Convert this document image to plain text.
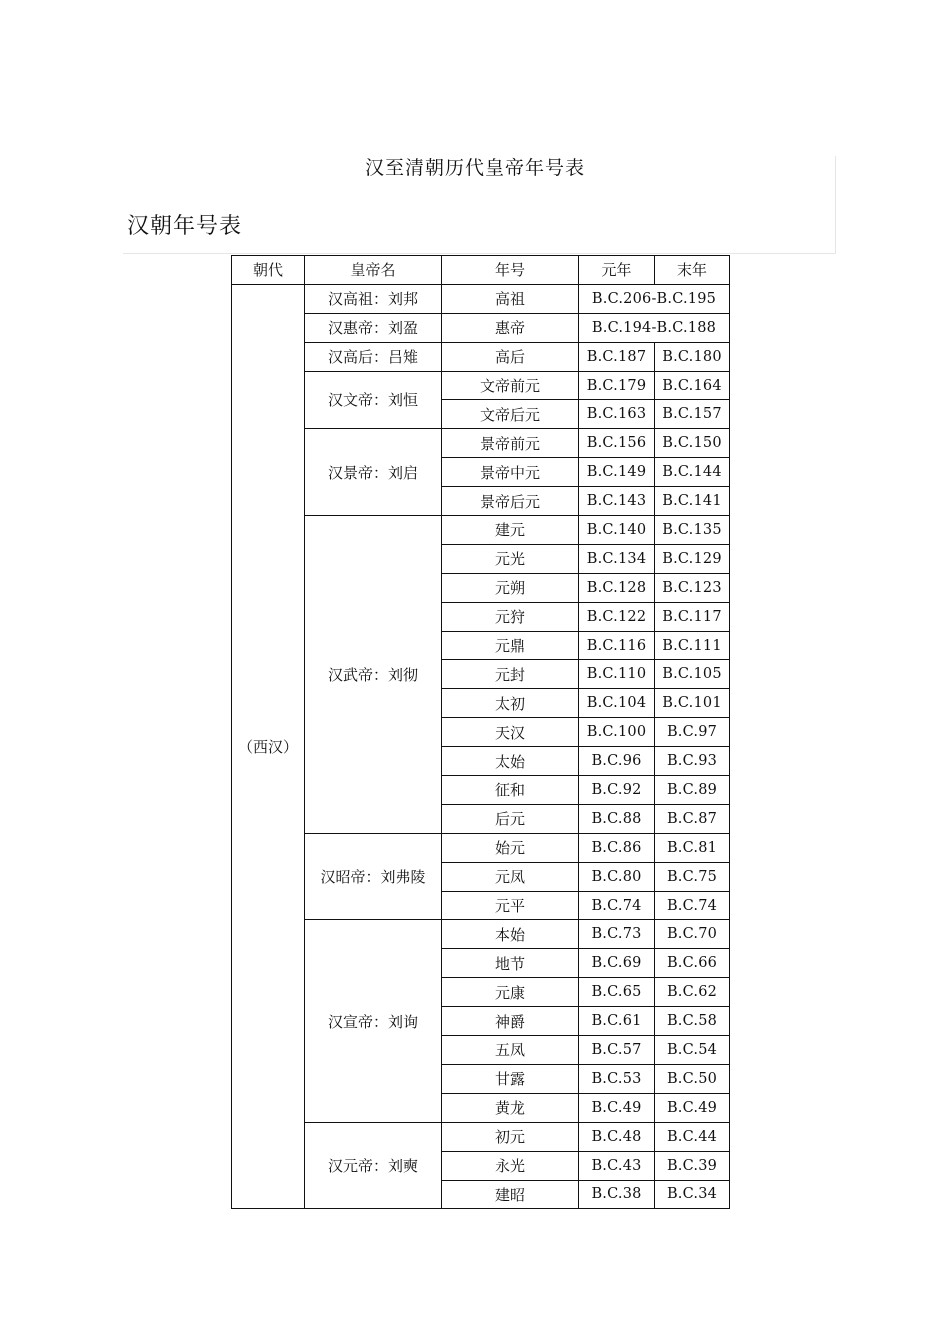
汉至清朝历代皇帝年号表
汉朝年号表
朝代	皇帝名	年号	元年	末年
（西汉）	汉高祖：刘邦	高祖	B.C.206-B.C.195	
	汉惠帝：刘盈	惠帝	B.C.194-B.C.188	
	汉高后：吕雉	高后	B.C.187	B.C.180
	汉文帝：刘恒	文帝前元	B.C.179	B.C.164
		文帝后元	B.C.163	B.C.157
	汉景帝：刘启	景帝前元	B.C.156	B.C.150
		景帝中元	B.C.149	B.C.144
		景帝后元	B.C.143	B.C.141
	汉武帝：刘彻	建元	B.C.140	B.C.135
		元光	B.C.134	B.C.129
		元朔	B.C.128	B.C.123
		元狩	B.C.122	B.C.117
		元鼎	B.C.116	B.C.111
		元封	B.C.110	B.C.105
		太初	B.C.104	B.C.101
		天汉	B.C.100	B.C.97
		太始	B.C.96	B.C.93
		征和	B.C.92	B.C.89
		后元	B.C.88	B.C.87
	汉昭帝：刘弗陵	始元	B.C.86	B.C.81
		元凤	B.C.80	B.C.75
		元平	B.C.74	B.C.74
	汉宣帝：刘询	本始	B.C.73	B.C.70
		地节	B.C.69	B.C.66
		元康	B.C.65	B.C.62
		神爵	B.C.61	B.C.58
		五凤	B.C.57	B.C.54
		甘露	B.C.53	B.C.50
		黄龙	B.C.49	B.C.49
	汉元帝：刘奭	初元	B.C.48	B.C.44
		永光	B.C.43	B.C.39
		建昭	B.C.38	B.C.34
